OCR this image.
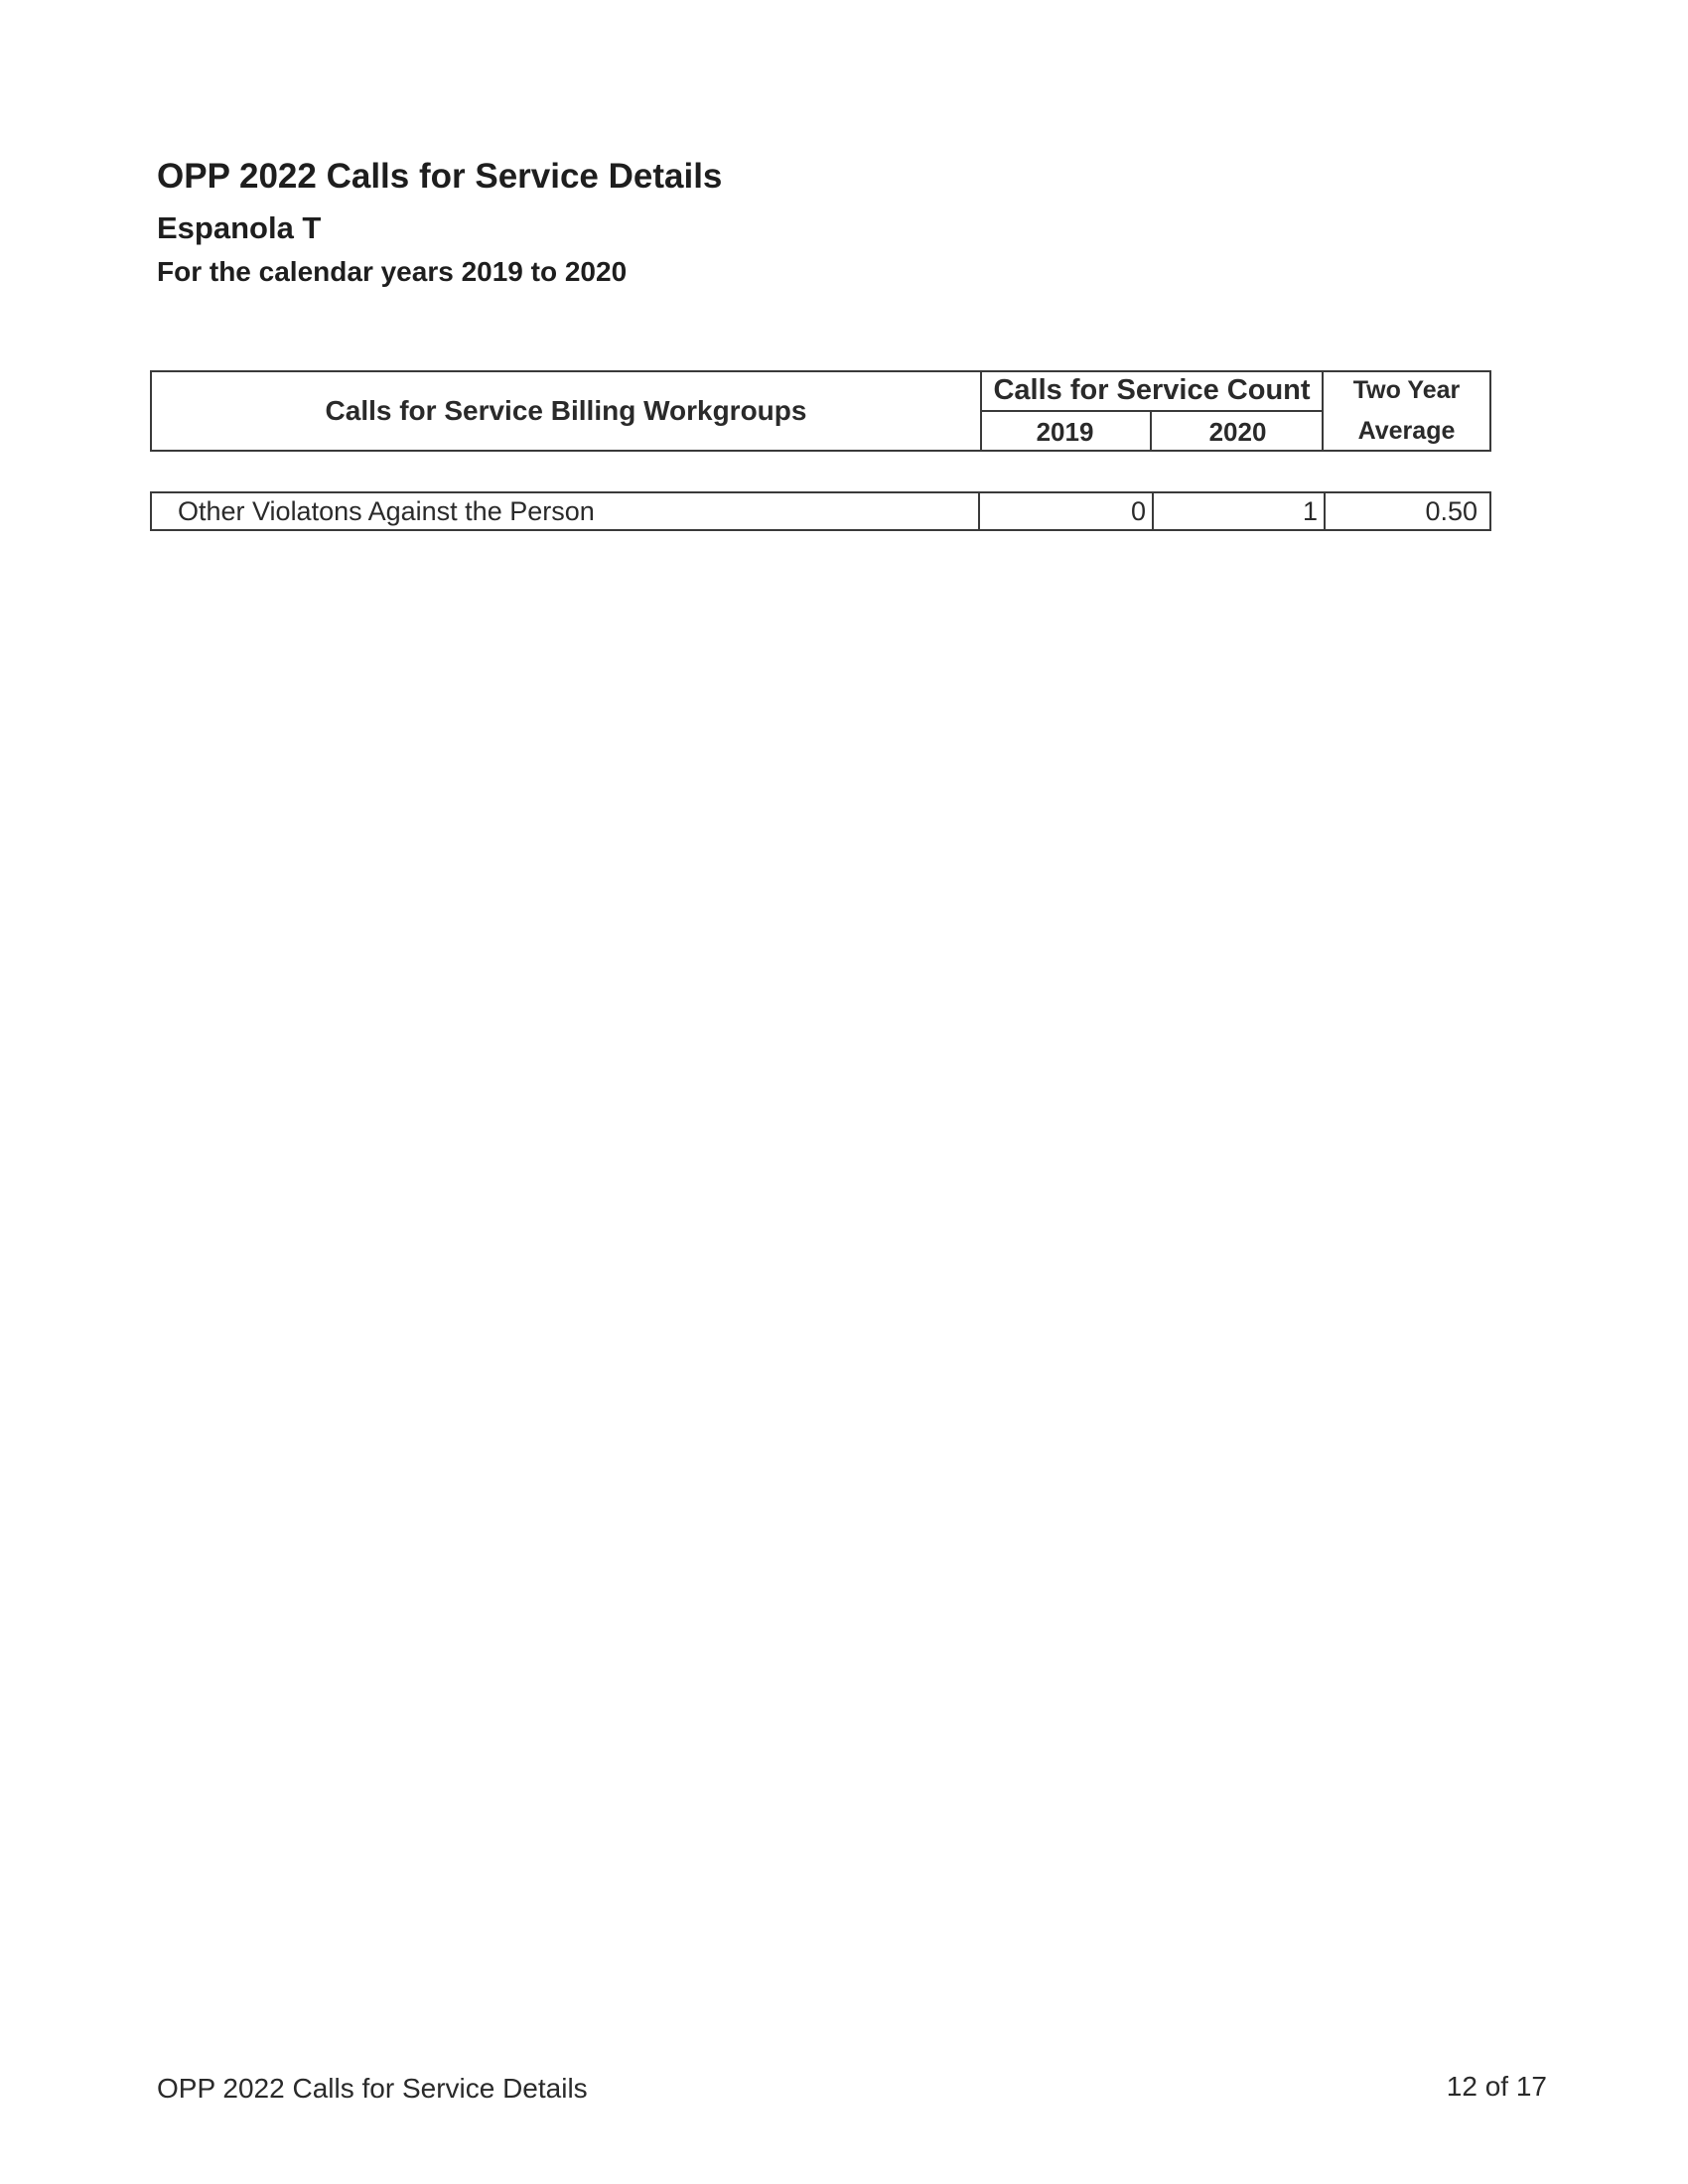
OPP 2022 Calls for Service Details
Espanola T
For the calendar years 2019 to 2020
Calls for Service Billing Workgroups
Calls for Service Count
2019	2020
Two Year
Average
Other Violatons Against the Person	0	1	0.50
OPP 2022 Calls for Service Details	12 of 17
